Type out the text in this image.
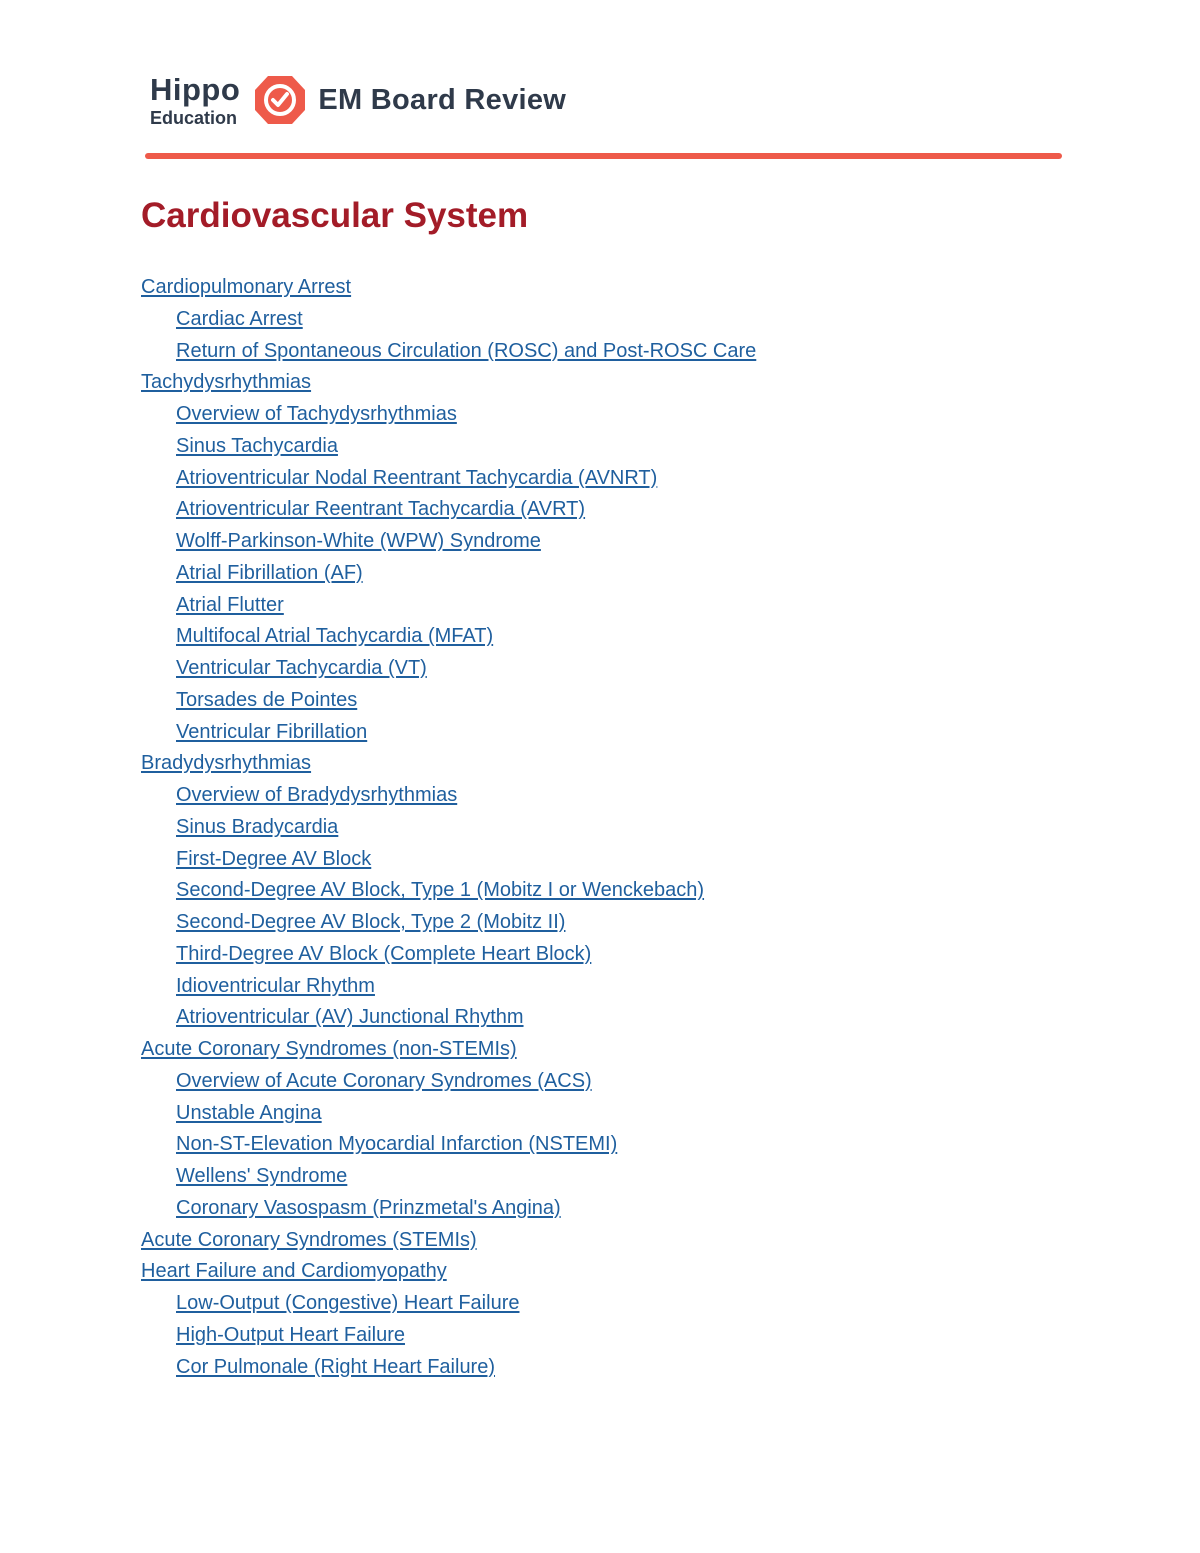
Hippo
Education
EM Board Review
Cardiovascular System
Cardiopulmonary Arrest
Cardiac Arrest
Return of Spontaneous Circulation (ROSC) and Post-ROSC Care
Tachydysrhythmias
Overview of Tachydysrhythmias
Sinus Tachycardia
Atrioventricular Nodal Reentrant Tachycardia (AVNRT)
Atrioventricular Reentrant Tachycardia (AVRT)
Wolff-Parkinson-White (WPW) Syndrome
Atrial Fibrillation (AF)
Atrial Flutter
Multifocal Atrial Tachycardia (MFAT)
Ventricular Tachycardia (VT)
Torsades de Pointes
Ventricular Fibrillation
Bradydysrhythmias
Overview of Bradydysrhythmias
Sinus Bradycardia
First-Degree AV Block
Second-Degree AV Block, Type 1 (Mobitz I or Wenckebach)
Second-Degree AV Block, Type 2 (Mobitz II)
Third-Degree AV Block (Complete Heart Block)
Idioventricular Rhythm
Atrioventricular (AV) Junctional Rhythm
Acute Coronary Syndromes (non-STEMIs)
Overview of Acute Coronary Syndromes (ACS)
Unstable Angina
Non-ST-Elevation Myocardial Infarction (NSTEMI)
Wellens' Syndrome
Coronary Vasospasm (Prinzmetal's Angina)
Acute Coronary Syndromes (STEMIs)
Heart Failure and Cardiomyopathy
Low-Output (Congestive) Heart Failure
High-Output Heart Failure
Cor Pulmonale (Right Heart Failure)
